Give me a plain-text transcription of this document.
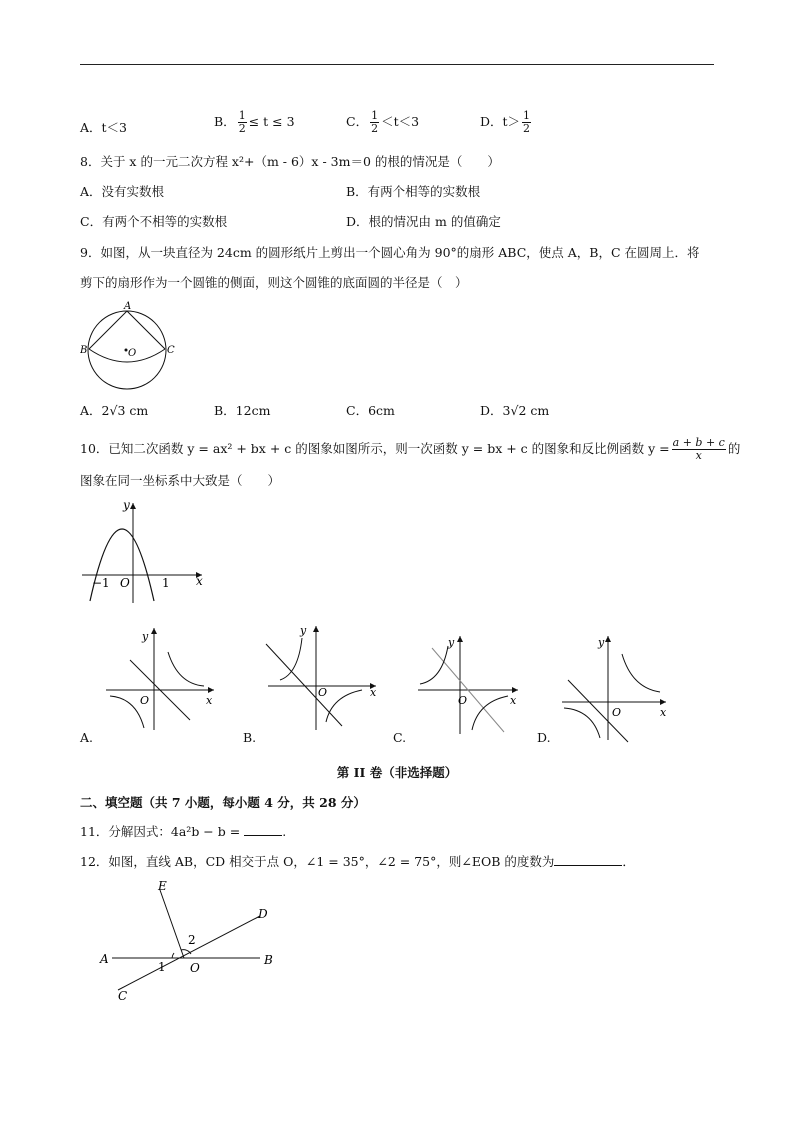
A．t＜3	B． $\frac{1}{2} \le t \le 3$	C． $\frac{1}{2} <t<3$	D．$t> \frac{1}{2}$
8．关于 x 的一元二次方程 x²+（m - 6）x - 3m＝0 的根的情况是（　　）
A．没有实数根	B．有两个相等的实数根
C．有两个不相等的实数根	D．根的情况由 m 的值确定
9．如图，从一块直径为 24cm 的圆形纸片上剪出一个圆心角为 90°的扇形 ABC，使点 A，B，C 在圆周上．将
剪下的扇形作为一个圆锥的侧面，则这个圆锥的底面圆的半径是（　）
A
B	C
O
A．2√3 cm	B．12cm	C．6cm	D．3√2 cm
10．已知二次函数 y = ax² + bx + c 的图象如图所示，则一次函数 y = bx + c 的图象和反比例函数 $y = \frac{a + b + c}{x}$ 的
图象在同一坐标系中大致是（　　）
y
x
O
−1	1
y
x
O
A.
y
x
O
B.
y
x
O
C.
y
x
O
D.
第 II 卷（非选择题）
二、填空题（共 7 小题，每小题 4 分，共 28 分）
11．分解因式：4a²b − b =	.
12．如图，直线 AB，CD 相交于点 O，∠1 = 35°，∠2 = 75°，则∠EOB 的度数为	．
E
D
A	B
C
O
1
2
